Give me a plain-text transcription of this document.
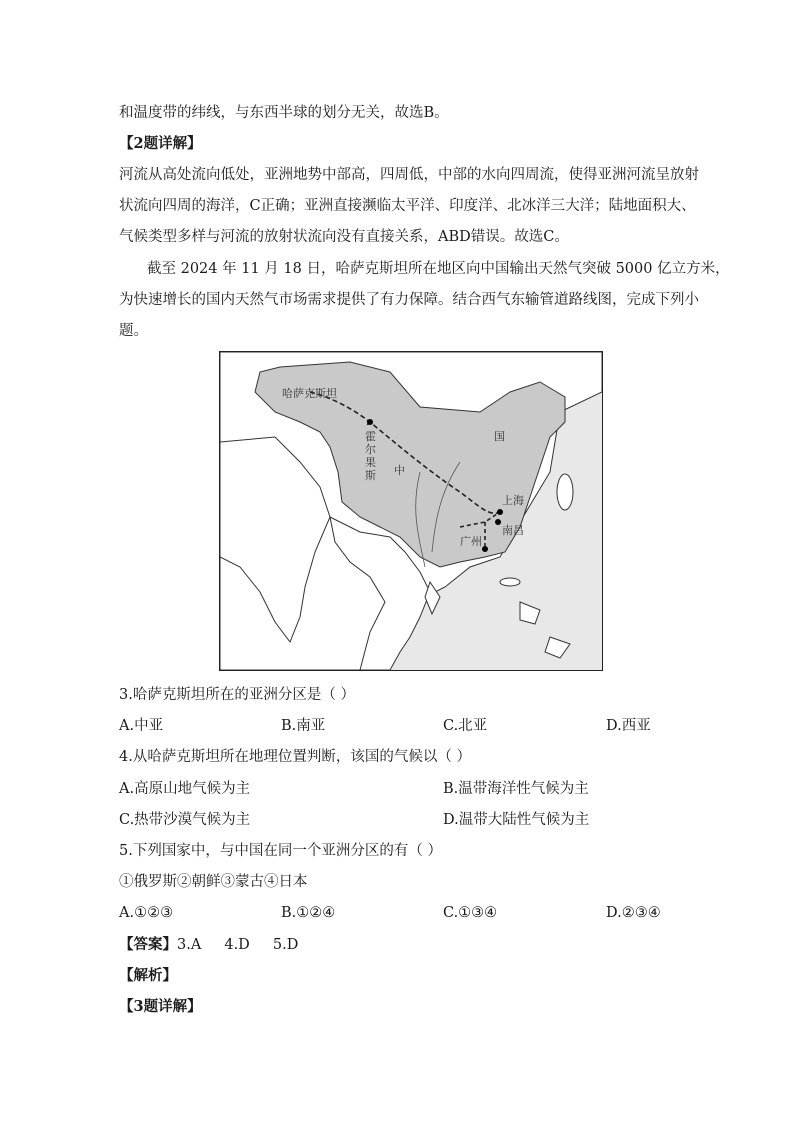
和温度带的纬线，与东西半球的划分无关，故选B。
【2题详解】
河流从高处流向低处，亚洲地势中部高，四周低，中部的水向四周流，使得亚洲河流呈放射
状流向四周的海洋，C正确；亚洲直接濒临太平洋、印度洋、北冰洋三大洋；陆地面积大、
气候类型多样与河流的放射状流向没有直接关系，ABD错误。故选C。
截至 2024 年 11 月 18 日，哈萨克斯坦所在地区向中国输出天然气突破 5000 亿立方米，
为快速增长的国内天然气市场需求提供了有力保障。结合西气东输管道路线图，完成下列小
题。
哈萨克斯坦
霍
尔
果
斯 中
国
上海
南昌
广州
3.哈萨克斯坦所在的亚洲分区是（ ）
A.中亚	B.南亚	C.北亚	D.西亚
4.从哈萨克斯坦所在地理位置判断，该国的气候以（ ）
A.高原山地气候为主	B.温带海洋性气候为主
C.热带沙漠气候为主	D.温带大陆性气候为主
5.下列国家中，与中国在同一个亚洲分区的有（ ）
①俄罗斯②朝鲜③蒙古④日本
A.①②③	B.①②④	C.①③④	D.②③④
【答案】3.A     4.D     5.D
【解析】
【3题详解】
